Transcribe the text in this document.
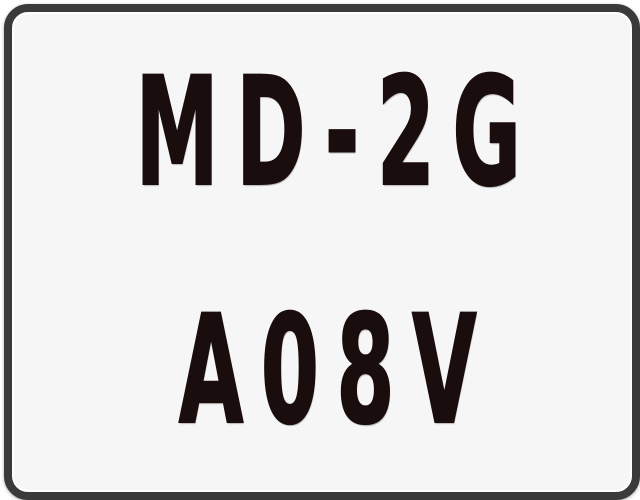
MD-2G
A08V
